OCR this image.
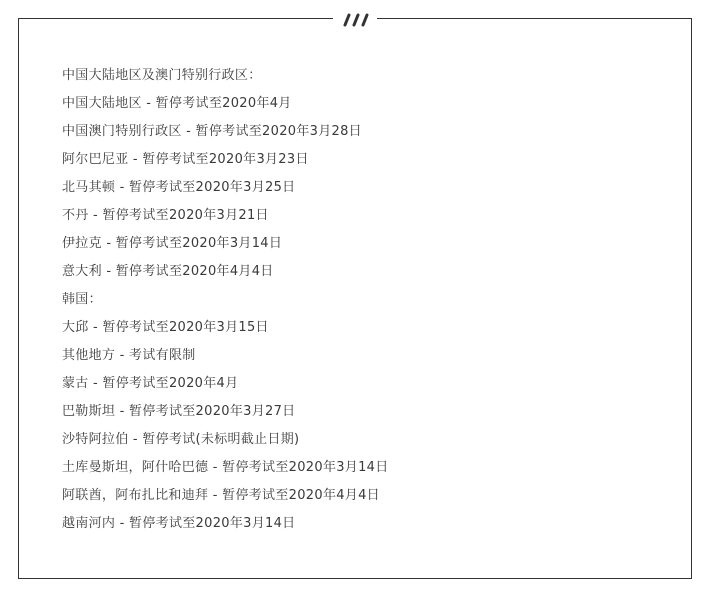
中国大陆地区及澳门特别行政区：
中国大陆地区 - 暂停考试至2020年4月
中国澳门特别行政区 - 暂停考试至2020年3月28日
阿尔巴尼亚 - 暂停考试至2020年3月23日
北马其顿 - 暂停考试至2020年3月25日
不丹 - 暂停考试至2020年3月21日
伊拉克 - 暂停考试至2020年3月14日
意大利 - 暂停考试至2020年4月4日
韩国：
大邱 - 暂停考试至2020年3月15日
其他地方 - 考试有限制
蒙古 - 暂停考试至2020年4月
巴勒斯坦 - 暂停考试至2020年3月27日
沙特阿拉伯 - 暂停考试(未标明截止日期)
土库曼斯坦，阿什哈巴德 - 暂停考试至2020年3月14日
阿联酋，阿布扎比和迪拜 - 暂停考试至2020年4月4日
越南河内 - 暂停考试至2020年3月14日
